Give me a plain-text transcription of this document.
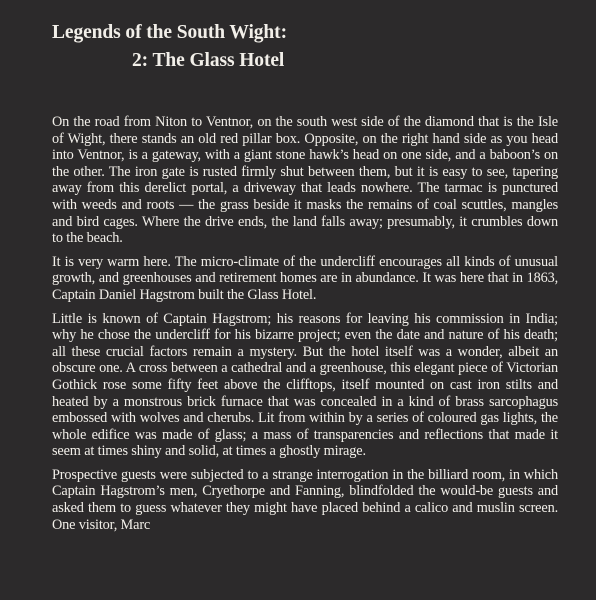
Legends of the South Wight:
2: The Glass Hotel

On the road from Niton to Ventnor, on the south west side of the diamond that is the Isle of Wight, there stands an old red pillar box. Opposite, on the right hand side as you head into Ventnor, is a gateway, with a giant stone hawk’s head on one side, and a baboon’s on the other. The iron gate is rusted firmly shut between them, but it is easy to see, tapering away from this derelict portal, a driveway that leads nowhere. The tarmac is punctured with weeds and roots — the grass beside it masks the remains of coal scuttles, mangles and bird cages. Where the drive ends, the land falls away; presumably, it crumbles down to the beach.

It is very warm here. The micro-climate of the undercliff encourages all kinds of unusual growth, and greenhouses and retirement homes are in abundance. It was here that in 1863, Captain Daniel Hagstrom built the Glass Hotel.

Little is known of Captain Hagstrom; his reasons for leaving his commission in India; why he chose the undercliff for his bizarre project; even the date and nature of his death; all these crucial factors remain a mystery. But the hotel itself was a wonder, albeit an obscure one. A cross between a cathedral and a greenhouse, this elegant piece of Victorian Gothick rose some fifty feet above the clifftops, itself mounted on cast iron stilts and heated by a monstrous brick furnace that was concealed in a kind of brass sarcophagus embossed with wolves and cherubs. Lit from within by a series of coloured gas lights, the whole edifice was made of glass; a mass of transparencies and reflections that made it seem at times shiny and solid, at times a ghostly mirage.

Prospective guests were subjected to a strange interrogation in the billiard room, in which Captain Hagstrom’s men, Cryethorpe and Fanning, blindfolded the would-be guests and asked them to guess whatever they might have placed behind a calico and muslin screen. One visitor, Marc
